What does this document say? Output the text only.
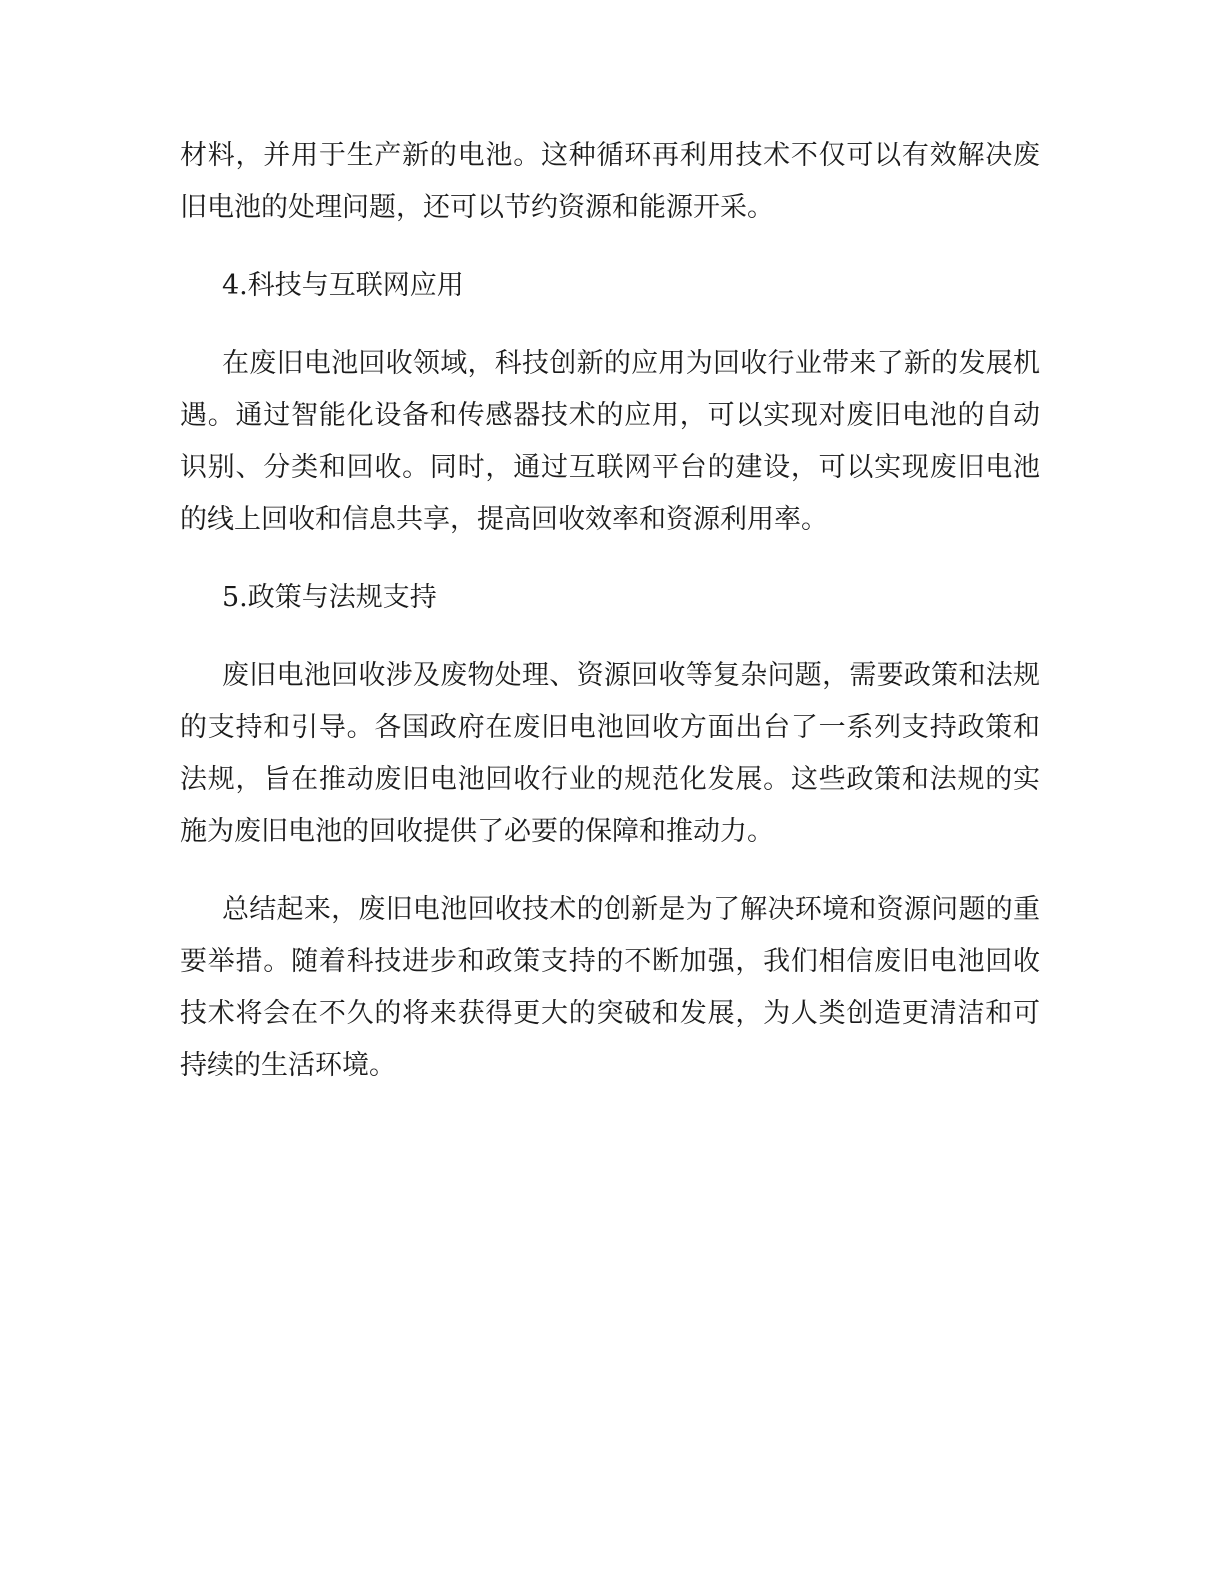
材料，并用于生产新的电池。这种循环再利用技术不仅可以有效解决废旧电池的处理问题，还可以节约资源和能源开采。

4.科技与互联网应用

在废旧电池回收领域，科技创新的应用为回收行业带来了新的发展机遇。通过智能化设备和传感器技术的应用，可以实现对废旧电池的自动识别、分类和回收。同时，通过互联网平台的建设，可以实现废旧电池的线上回收和信息共享，提高回收效率和资源利用率。

5.政策与法规支持

废旧电池回收涉及废物处理、资源回收等复杂问题，需要政策和法规的支持和引导。各国政府在废旧电池回收方面出台了一系列支持政策和法规，旨在推动废旧电池回收行业的规范化发展。这些政策和法规的实施为废旧电池的回收提供了必要的保障和推动力。

总结起来，废旧电池回收技术的创新是为了解决环境和资源问题的重要举措。随着科技进步和政策支持的不断加强，我们相信废旧电池回收技术将会在不久的将来获得更大的突破和发展，为人类创造更清洁和可持续的生活环境。
